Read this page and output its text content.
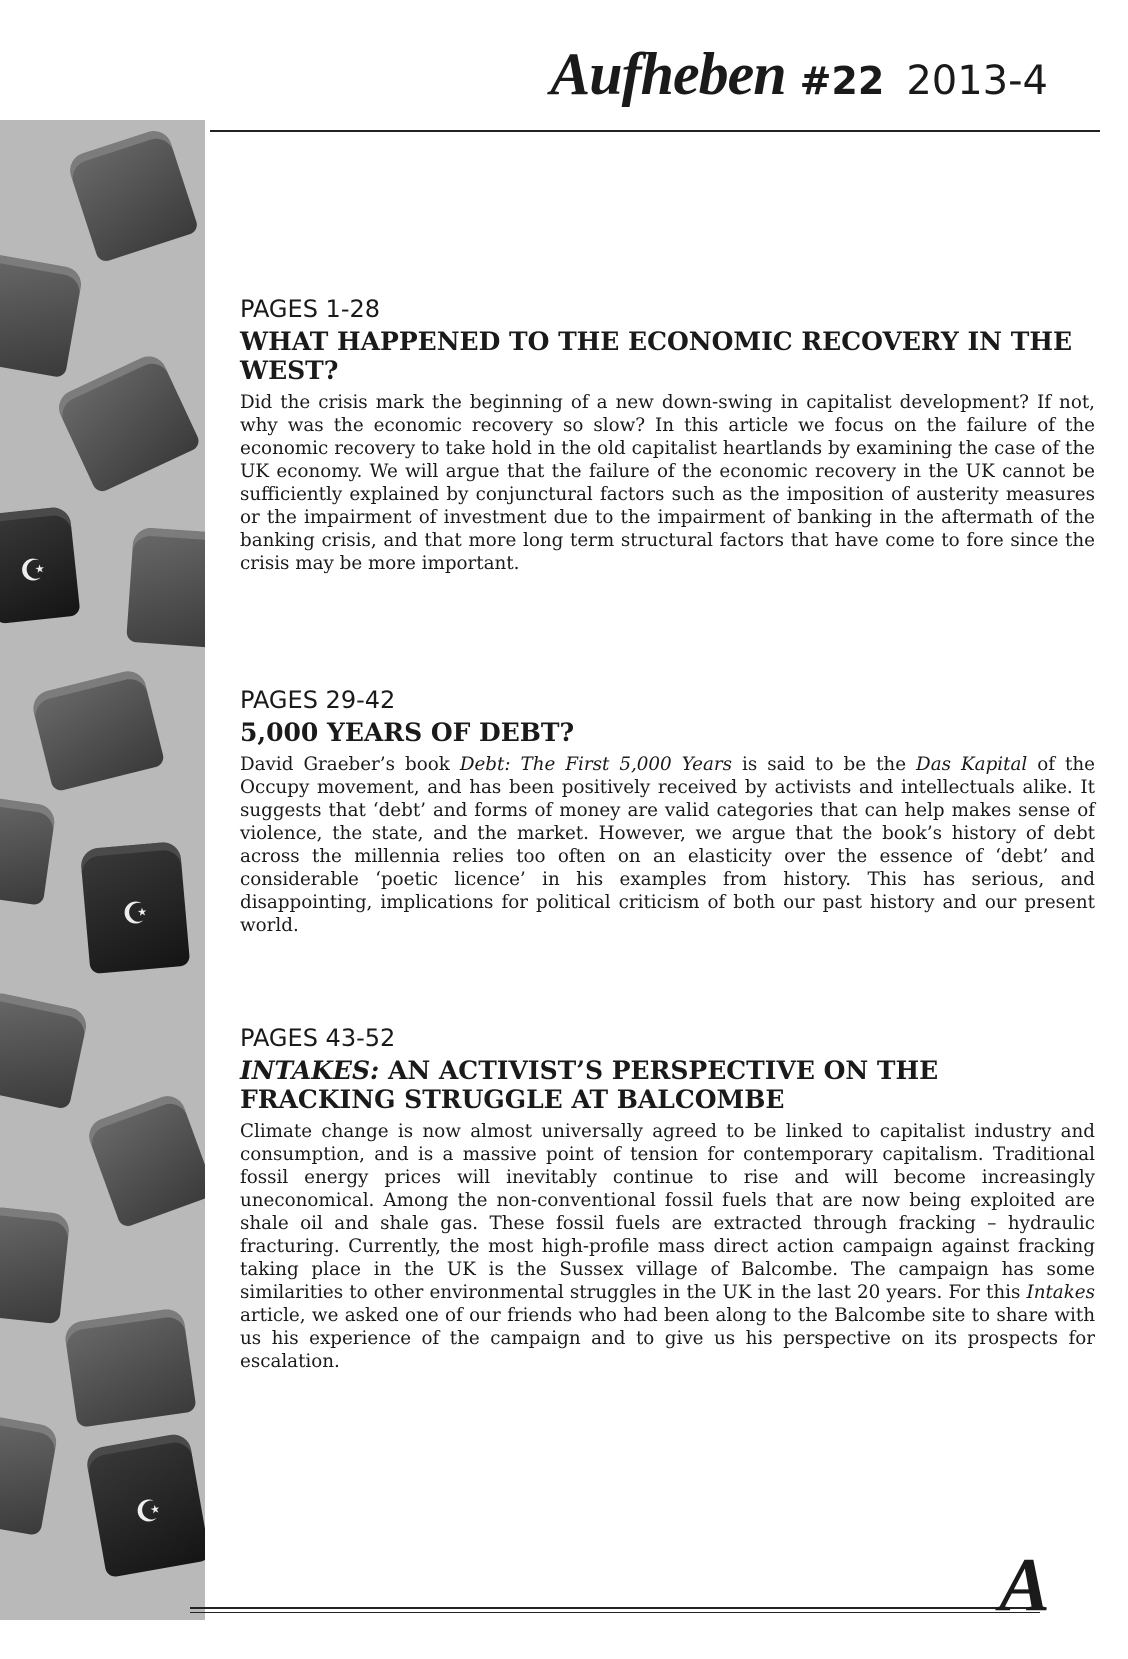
Aufheben #22 2013-4
☪
☪
☪

PAGES 1-28

WHAT HAPPENED TO THE ECONOMIC RECOVERY IN THE WEST?

Did the crisis mark the beginning of a new down-swing in capitalist development? If not, why was the economic recovery so slow? In this article we focus on the failure of the economic recovery to take hold in the old capitalist heartlands by examining the case of the UK economy. We will argue that the failure of the economic recovery in the UK cannot be sufficiently explained by conjunctural factors such as the imposition of austerity measures or the impairment of investment due to the impairment of banking in the aftermath of the banking crisis, and that more long term structural factors that have come to fore since the crisis may be more important.

PAGES 29-42

5,000 YEARS OF DEBT?

David Graeber’s book Debt: The First 5,000 Years is said to be the Das Kapital of the Occupy movement, and has been positively received by activists and intellectuals alike. It suggests that ‘debt’ and forms of money are valid categories that can help makes sense of violence, the state, and the market. However, we argue that the book’s history of debt across the millennia relies too often on an elasticity over the essence of ‘debt’ and considerable ‘poetic licence’ in his examples from history. This has serious, and disappointing, implications for political criticism of both our past history and our present world.

PAGES 43-52

INTAKES: AN ACTIVIST’S PERSPECTIVE ON THE FRACKING STRUGGLE AT BALCOMBE

Climate change is now almost universally agreed to be linked to capitalist industry and consumption, and is a massive point of tension for contemporary capitalism. Traditional fossil energy prices will inevitably continue to rise and will become increasingly uneconomical. Among the non-conventional fossil fuels that are now being exploited are shale oil and shale gas. These fossil fuels are extracted through fracking – hydraulic fracturing. Currently, the most high-profile mass direct action campaign against fracking taking place in the UK is the Sussex village of Balcombe. The campaign has some similarities to other environmental struggles in the UK in the last 20 years. For this Intakes article, we asked one of our friends who had been along to the Balcombe site to share with us his experience of the campaign and to give us his perspective on its prospects for escalation.

A
